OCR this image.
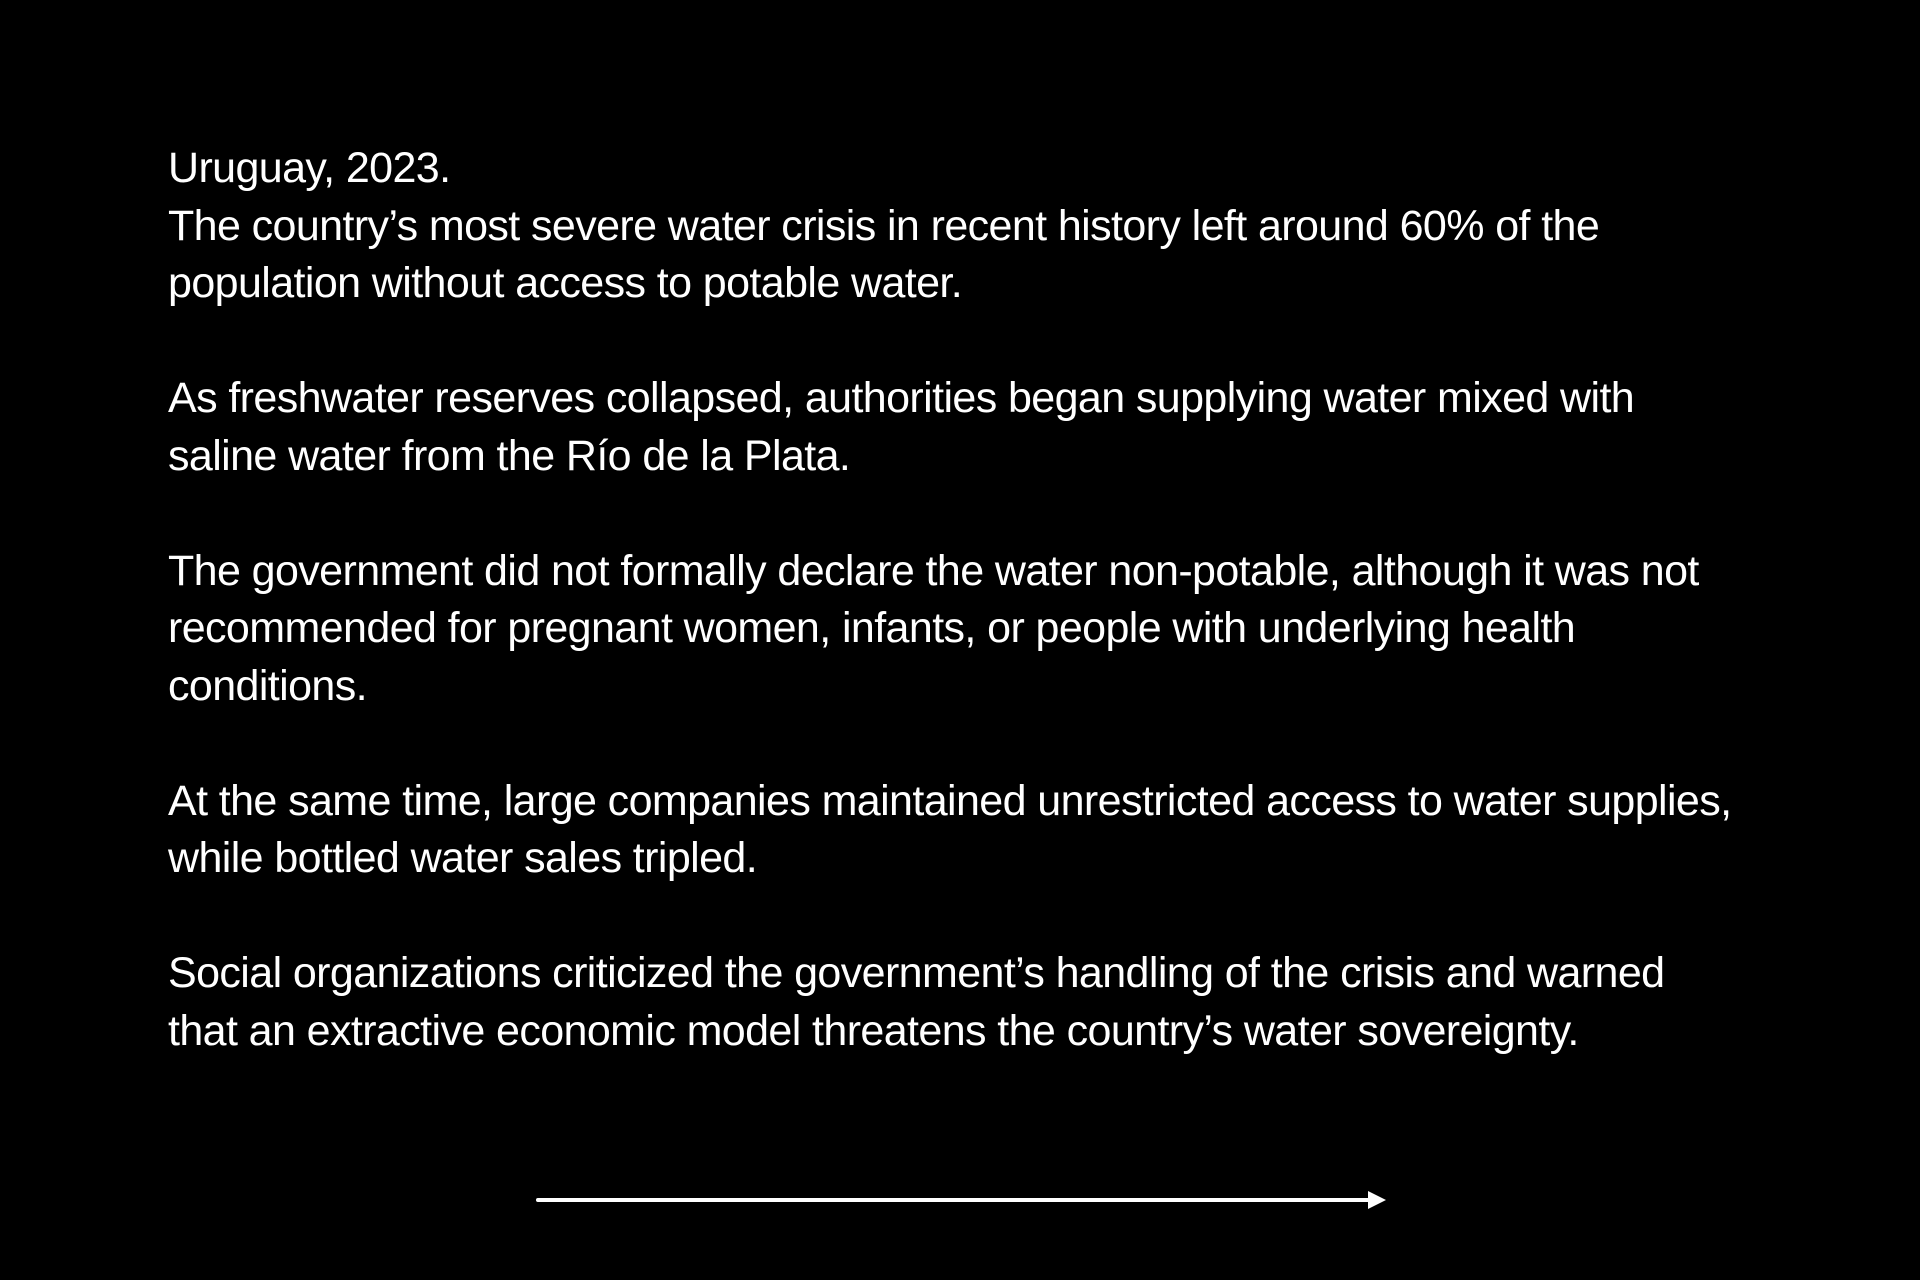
Uruguay, 2023.
The country’s most severe water crisis in recent history left around 60% of the
population without access to potable water.

As freshwater reserves collapsed, authorities began supplying water mixed with
saline water from the Río de la Plata.

The government did not formally declare the water non-potable, although it was not
recommended for pregnant women, infants, or people with underlying health
conditions.

At the same time, large companies maintained unrestricted access to water supplies,
while bottled water sales tripled.

Social organizations criticized the government’s handling of the crisis and warned
that an extractive economic model threatens the country’s water sovereignty.
